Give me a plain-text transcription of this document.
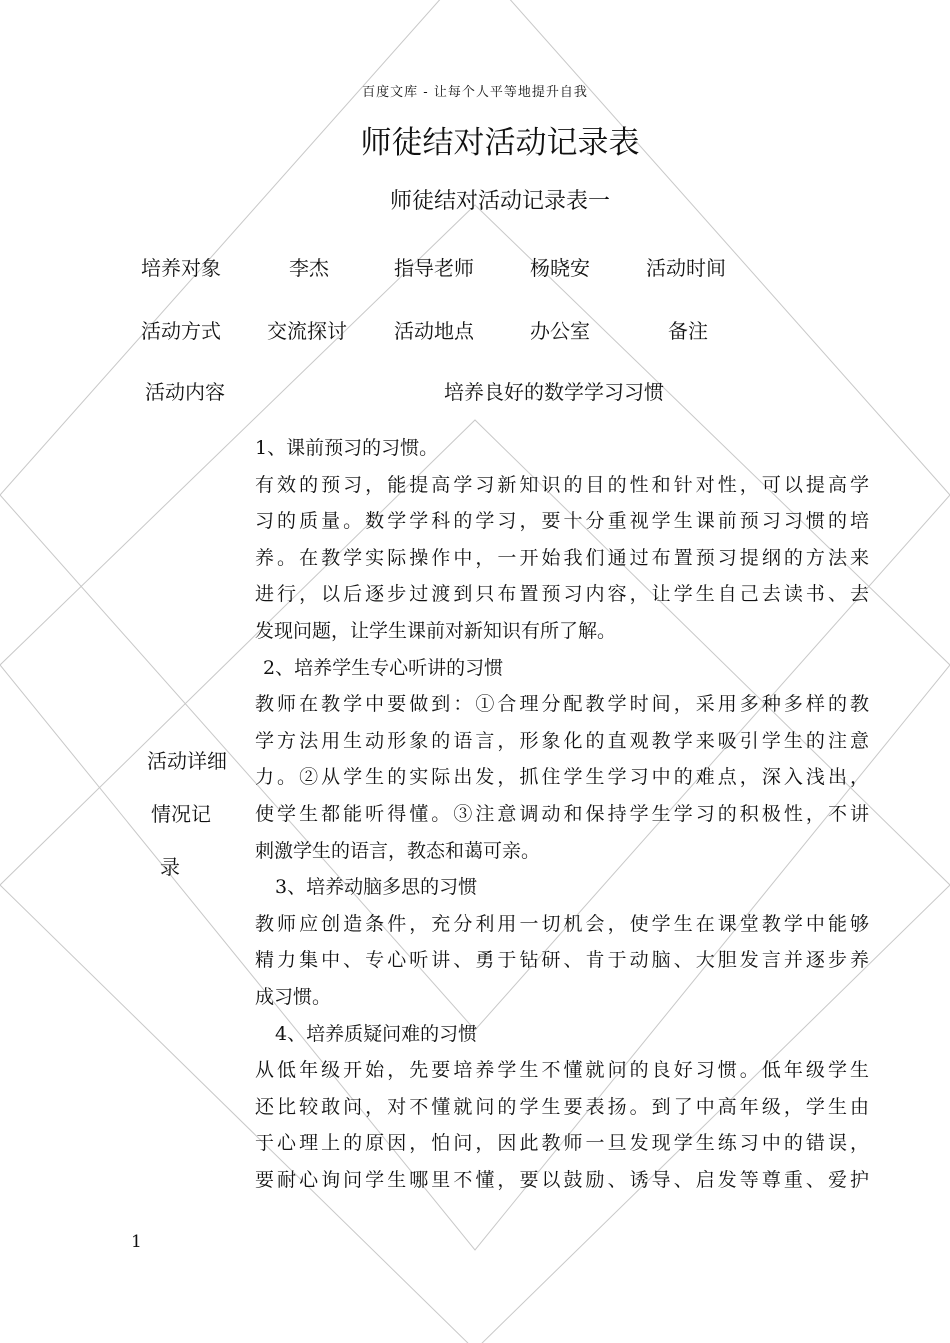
百度文库 - 让每个人平等地提升自我
师徒结对活动记录表
师徒结对活动记录表一
培养对象	李杰	指导老师	杨晓安	活动时间
活动方式 交流探讨 活动地点	办公室	备注
活动内容	培养良好的数学学习习惯
活动详细
情况记
录
1、课前预习的习惯。
有效的预习，能提高学习新知识的目的性和针对性，可以提高学
习的质量。数学学科的学习，要十分重视学生课前预习习惯的培
养。在教学实际操作中，一开始我们通过布置预习提纲的方法来
进行，以后逐步过渡到只布置预习内容，让学生自己去读书、去
发现问题，让学生课前对新知识有所了解。
2、培养学生专心听讲的习惯
教师在教学中要做到：①合理分配教学时间，采用多种多样的教
学方法用生动形象的语言，形象化的直观教学来吸引学生的注意
力。②从学生的实际出发，抓住学生学习中的难点，深入浅出，
使学生都能听得懂。③注意调动和保持学生学习的积极性，不讲
刺激学生的语言，教态和蔼可亲。
3、培养动脑多思的习惯
教师应创造条件，充分利用一切机会，使学生在课堂教学中能够
精力集中、专心听讲、勇于钻研、肯于动脑、大胆发言并逐步养
成习惯。
4、培养质疑问难的习惯
从低年级开始，先要培养学生不懂就问的良好习惯。低年级学生
还比较敢问，对不懂就问的学生要表扬。到了中高年级，学生由
于心理上的原因，怕问，因此教师一旦发现学生练习中的错误，
要耐心询问学生哪里不懂，要以鼓励、诱导、启发等尊重、爱护
1
